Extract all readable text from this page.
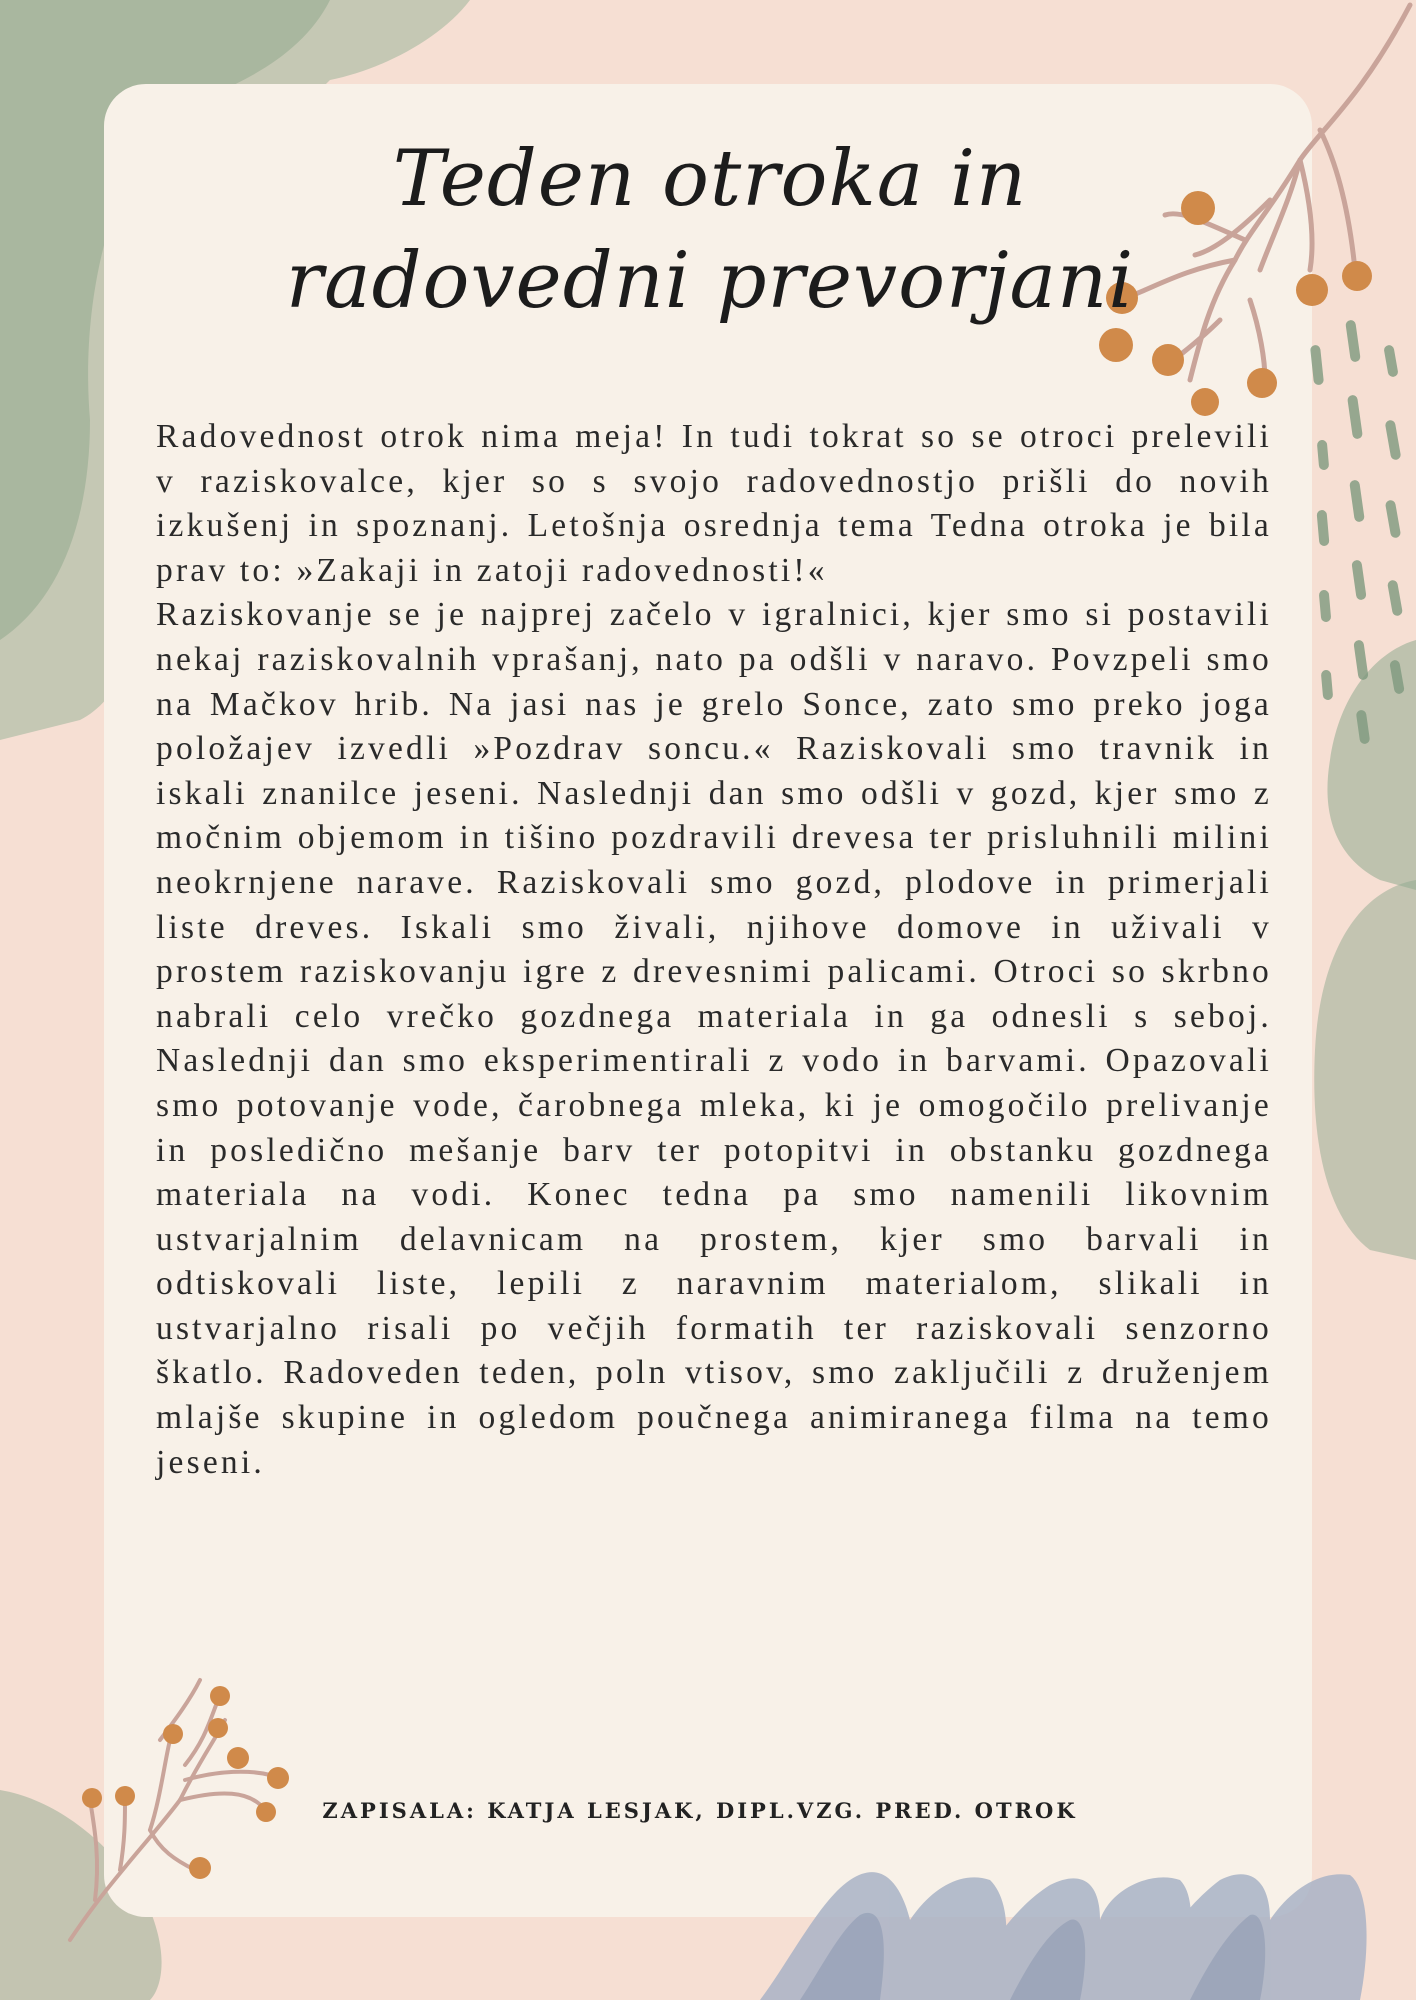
Teden otroka in
radovedni prevorjani

Radovednost otrok nima meja! In tudi tokrat so se otroci prelevili v raziskovalce, kjer so s svojo radovednostjo prišli do novih izkušenj in spoznanj. Letošnja osrednja tema Tedna otroka je bila prav to: »Zakaji in zatoji radovednosti!«

Raziskovanje se je najprej začelo v igralnici, kjer smo si postavili nekaj raziskovalnih vprašanj, nato pa odšli v naravo. Povzpeli smo na Mačkov hrib. Na jasi nas je grelo Sonce, zato smo preko joga položajev izvedli »Pozdrav soncu.« Raziskovali smo travnik in iskali znanilce jeseni. Naslednji dan smo odšli v gozd, kjer smo z močnim objemom in tišino pozdravili drevesa ter prisluhnili milini neokrnjene narave. Raziskovali smo gozd, plodove in primerjali liste dreves. Iskali smo živali, njihove domove in uživali v prostem raziskovanju igre z drevesnimi palicami. Otroci so skrbno nabrali celo vrečko gozdnega materiala in ga odnesli s seboj. Naslednji dan smo eksperimentirali z vodo in barvami. Opazovali smo potovanje vode, čarobnega mleka, ki je omogočilo prelivanje in posledično mešanje barv ter potopitvi in obstanku gozdnega materiala na vodi. Konec tedna pa smo namenili likovnim ustvarjalnim delavnicam na prostem, kjer smo barvali in odtiskovali liste, lepili z naravnim materialom, slikali in ustvarjalno risali po večjih formatih ter raziskovali senzorno škatlo. Radoveden teden, poln vtisov, smo zaključili z druženjem mlajše skupine in ogledom poučnega animiranega filma na temo jeseni.

ZAPISALA: KATJA LESJAK, DIPL.VZG. PRED. OTROK
